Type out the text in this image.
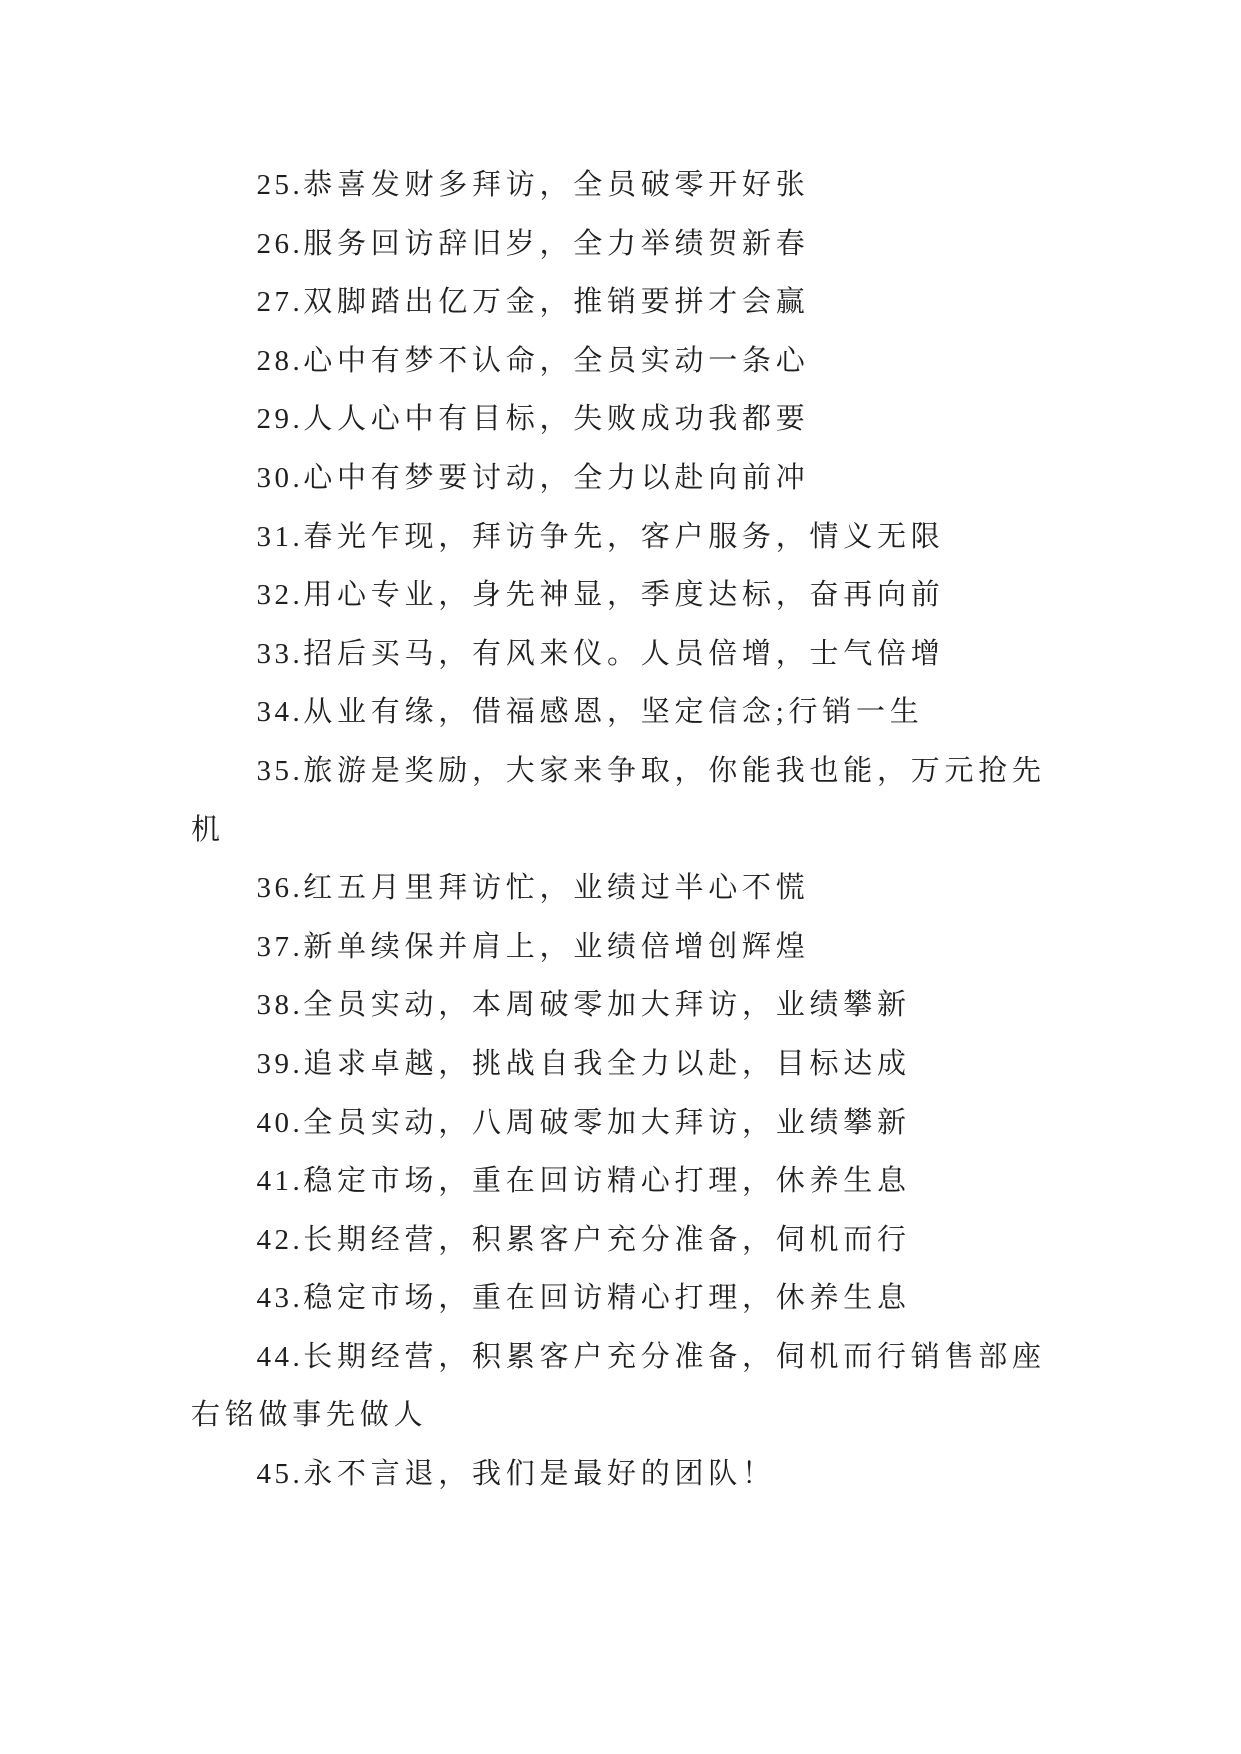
25.恭喜发财多拜访，全员破零开好张

26.服务回访辞旧岁，全力举绩贺新春

27.双脚踏出亿万金，推销要拼才会赢

28.心中有梦不认命，全员实动一条心

29.人人心中有目标，失败成功我都要

30.心中有梦要讨动，全力以赴向前冲

31.春光乍现，拜访争先，客户服务，情义无限

32.用心专业，身先神显，季度达标，奋再向前

33.招后买马，有风来仪。人员倍增，士气倍增

34.从业有缘，借福感恩，坚定信念;行销一生

35.旅游是奖励，大家来争取，你能我也能，万元抢先机

36.红五月里拜访忙，业绩过半心不慌

37.新单续保并肩上，业绩倍增创辉煌

38.全员实动，本周破零加大拜访，业绩攀新

39.追求卓越，挑战自我全力以赴，目标达成

40.全员实动，八周破零加大拜访，业绩攀新

41.稳定市场，重在回访精心打理，休养生息

42.长期经营，积累客户充分准备，伺机而行

43.稳定市场，重在回访精心打理，休养生息

44.长期经营，积累客户充分准备，伺机而行销售部座右铭做事先做人

45.永不言退，我们是最好的团队！
